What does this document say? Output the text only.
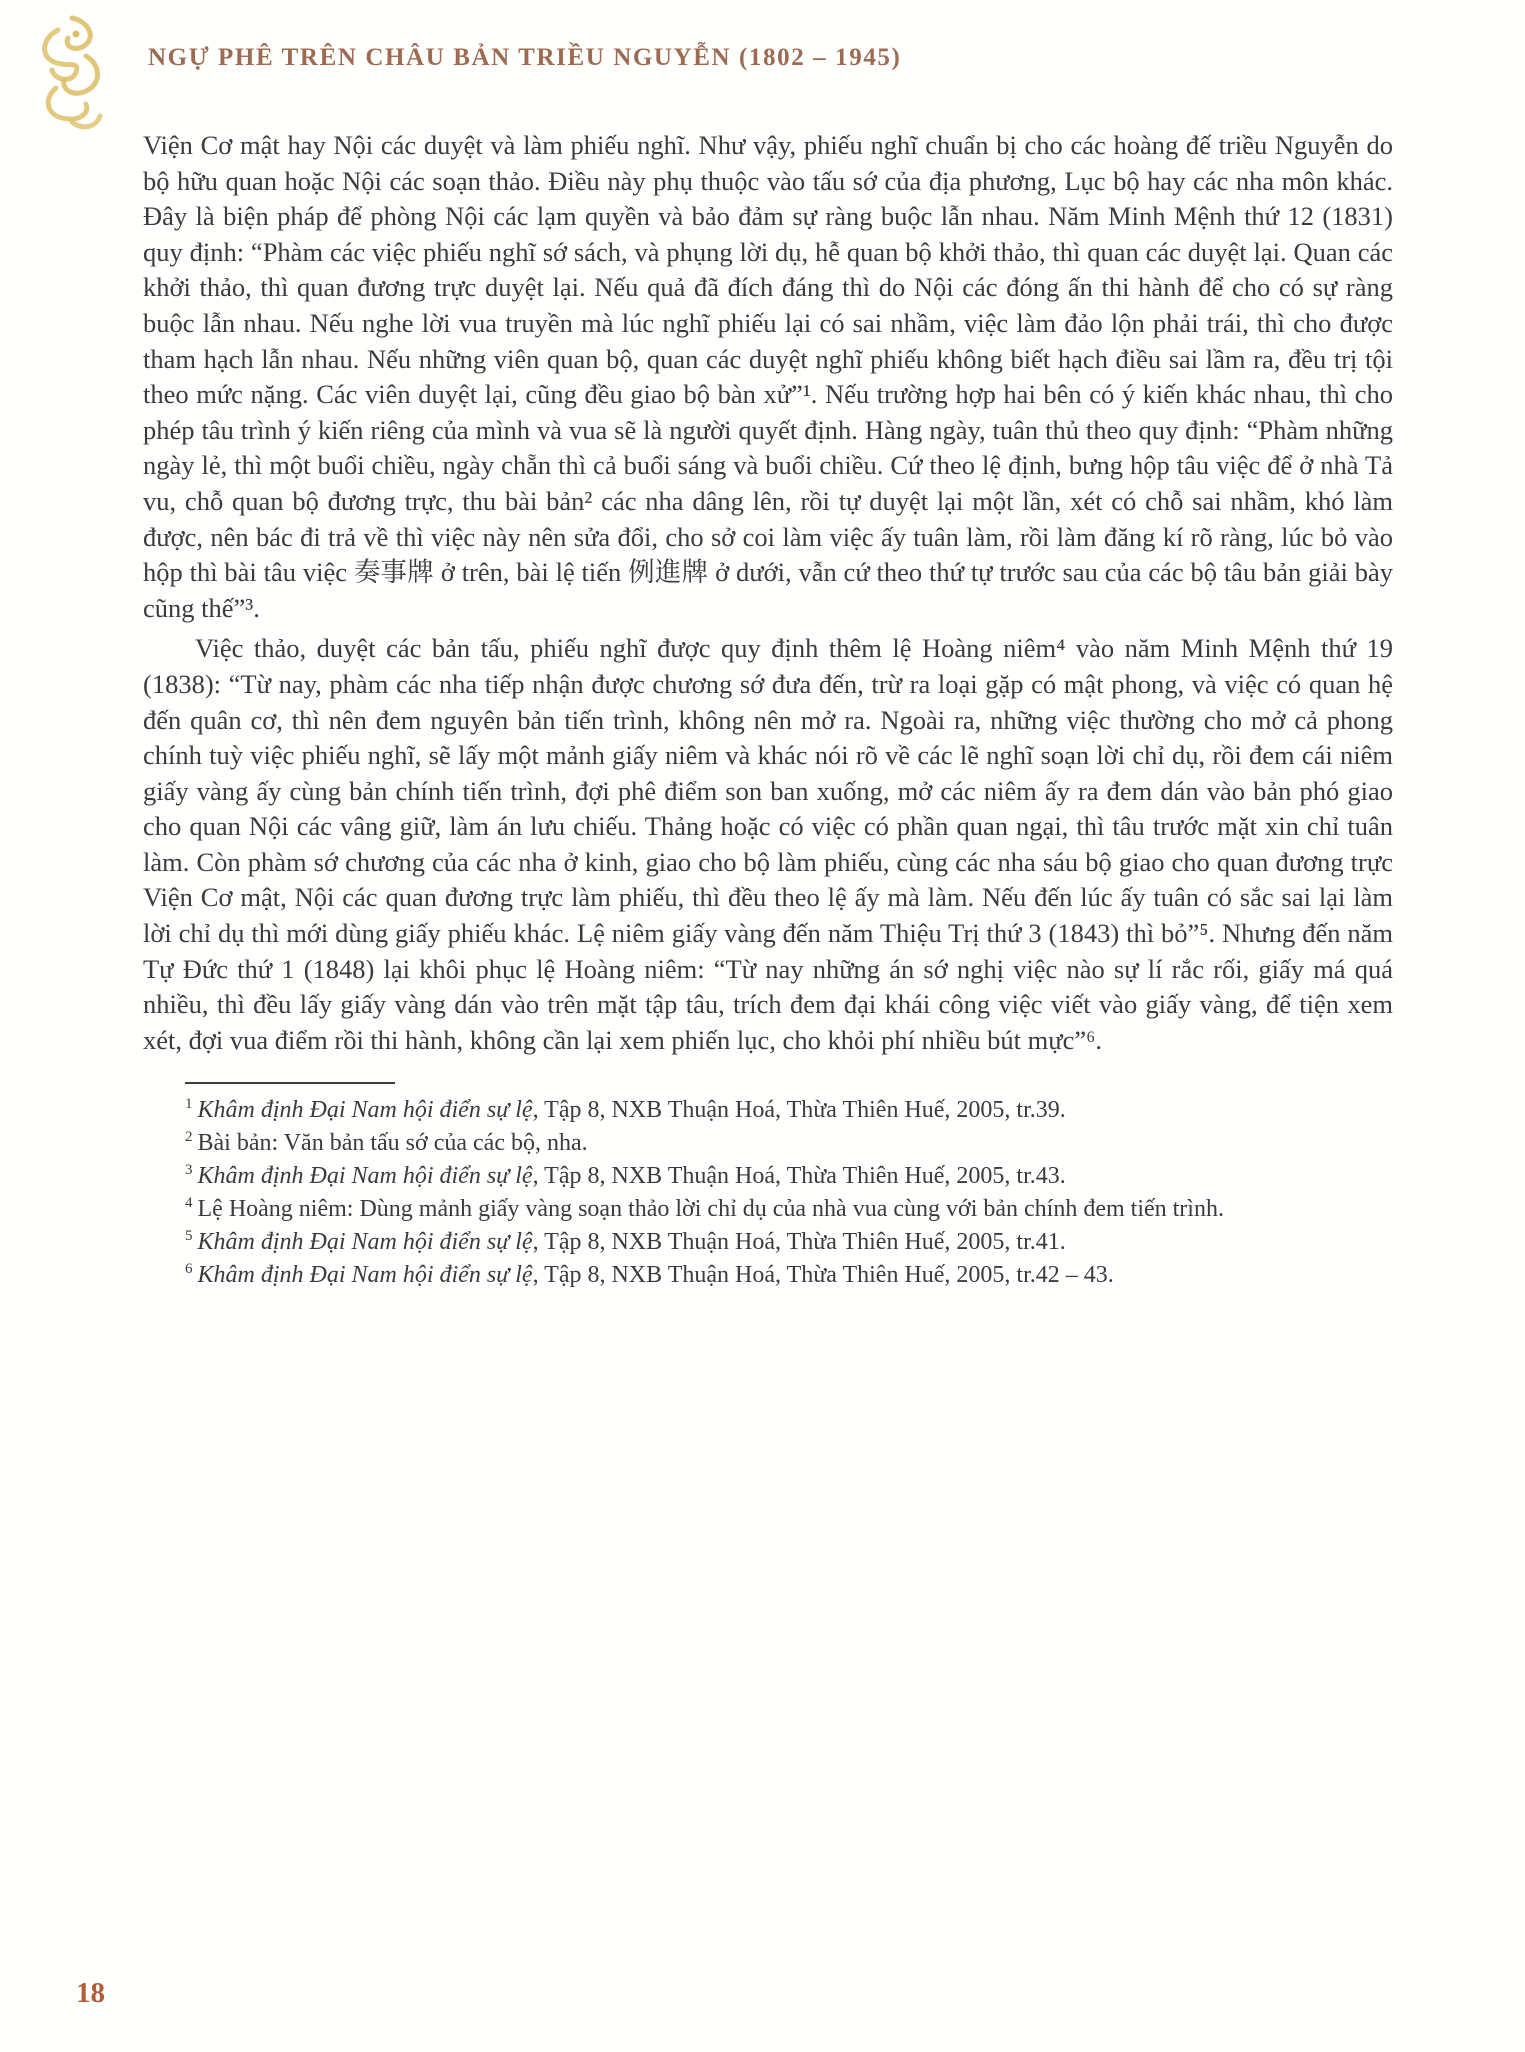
NGỰ PHÊ TRÊN CHÂU BẢN TRIỀU NGUYỄN (1802 – 1945)

Viện Cơ mật hay Nội các duyệt và làm phiếu nghĩ. Như vậy, phiếu nghĩ chuẩn bị cho các hoàng đế triều Nguyễn do bộ hữu quan hoặc Nội các soạn thảo. Điều này phụ thuộc vào tấu sớ của địa phương, Lục bộ hay các nha môn khác. Đây là biện pháp để phòng Nội các lạm quyền và bảo đảm sự ràng buộc lẫn nhau. Năm Minh Mệnh thứ 12 (1831) quy định: “Phàm các việc phiếu nghĩ sớ sách, và phụng lời dụ, hễ quan bộ khởi thảo, thì quan các duyệt lại. Quan các khởi thảo, thì quan đương trực duyệt lại. Nếu quả đã đích đáng thì do Nội các đóng ấn thi hành để cho có sự ràng buộc lẫn nhau. Nếu nghe lời vua truyền mà lúc nghĩ phiếu lại có sai nhầm, việc làm đảo lộn phải trái, thì cho được tham hạch lẫn nhau. Nếu những viên quan bộ, quan các duyệt nghĩ phiếu không biết hạch điều sai lầm ra, đều trị tội theo mức nặng. Các viên duyệt lại, cũng đều giao bộ bàn xử”¹. Nếu trường hợp hai bên có ý kiến khác nhau, thì cho phép tâu trình ý kiến riêng của mình và vua sẽ là người quyết định. Hàng ngày, tuân thủ theo quy định: “Phàm những ngày lẻ, thì một buổi chiều, ngày chẵn thì cả buổi sáng và buổi chiều. Cứ theo lệ định, bưng hộp tâu việc để ở nhà Tả vu, chỗ quan bộ đương trực, thu bài bản² các nha dâng lên, rồi tự duyệt lại một lần, xét có chỗ sai nhầm, khó làm được, nên bác đi trả về thì việc này nên sửa đổi, cho sở coi làm việc ấy tuân làm, rồi làm đăng kí rõ ràng, lúc bỏ vào hộp thì bài tâu việc 奏事牌 ở trên, bài lệ tiến 例進牌 ở dưới, vẫn cứ theo thứ tự trước sau của các bộ tâu bản giải bày cũng thế”³.

Việc thảo, duyệt các bản tấu, phiếu nghĩ được quy định thêm lệ Hoàng niêm⁴ vào năm Minh Mệnh thứ 19 (1838): “Từ nay, phàm các nha tiếp nhận được chương sớ đưa đến, trừ ra loại gặp có mật phong, và việc có quan hệ đến quân cơ, thì nên đem nguyên bản tiến trình, không nên mở ra. Ngoài ra, những việc thường cho mở cả phong chính tuỳ việc phiếu nghĩ, sẽ lấy một mảnh giấy niêm và khác nói rõ về các lẽ nghĩ soạn lời chỉ dụ, rồi đem cái niêm giấy vàng ấy cùng bản chính tiến trình, đợi phê điểm son ban xuống, mở các niêm ấy ra đem dán vào bản phó giao cho quan Nội các vâng giữ, làm án lưu chiếu. Thảng hoặc có việc có phần quan ngại, thì tâu trước mặt xin chỉ tuân làm. Còn phàm sớ chương của các nha ở kinh, giao cho bộ làm phiếu, cùng các nha sáu bộ giao cho quan đương trực Viện Cơ mật, Nội các quan đương trực làm phiếu, thì đều theo lệ ấy mà làm. Nếu đến lúc ấy tuân có sắc sai lại làm lời chỉ dụ thì mới dùng giấy phiếu khác. Lệ niêm giấy vàng đến năm Thiệu Trị thứ 3 (1843) thì bỏ”⁵. Nhưng đến năm Tự Đức thứ 1 (1848) lại khôi phục lệ Hoàng niêm: “Từ nay những án sớ nghị việc nào sự lí rắc rối, giấy má quá nhiều, thì đều lấy giấy vàng dán vào trên mặt tập tâu, trích đem đại khái công việc viết vào giấy vàng, để tiện xem xét, đợi vua điểm rồi thi hành, không cần lại xem phiến lục, cho khỏi phí nhiều bút mực”⁶.

$^1$ Khâm định Đại Nam hội điển sự lệ, Tập 8, NXB Thuận Hoá, Thừa Thiên Huế, 2005, tr.39.

$^2$ Bài bản: Văn bản tấu sớ của các bộ, nha.

$^3$ Khâm định Đại Nam hội điển sự lệ, Tập 8, NXB Thuận Hoá, Thừa Thiên Huế, 2005, tr.43.

$^4$ Lệ Hoàng niêm: Dùng mảnh giấy vàng soạn thảo lời chỉ dụ của nhà vua cùng với bản chính đem tiến trình.

$^5$ Khâm định Đại Nam hội điển sự lệ, Tập 8, NXB Thuận Hoá, Thừa Thiên Huế, 2005, tr.41.

$^6$ Khâm định Đại Nam hội điển sự lệ, Tập 8, NXB Thuận Hoá, Thừa Thiên Huế, 2005, tr.42 – 43.

18
